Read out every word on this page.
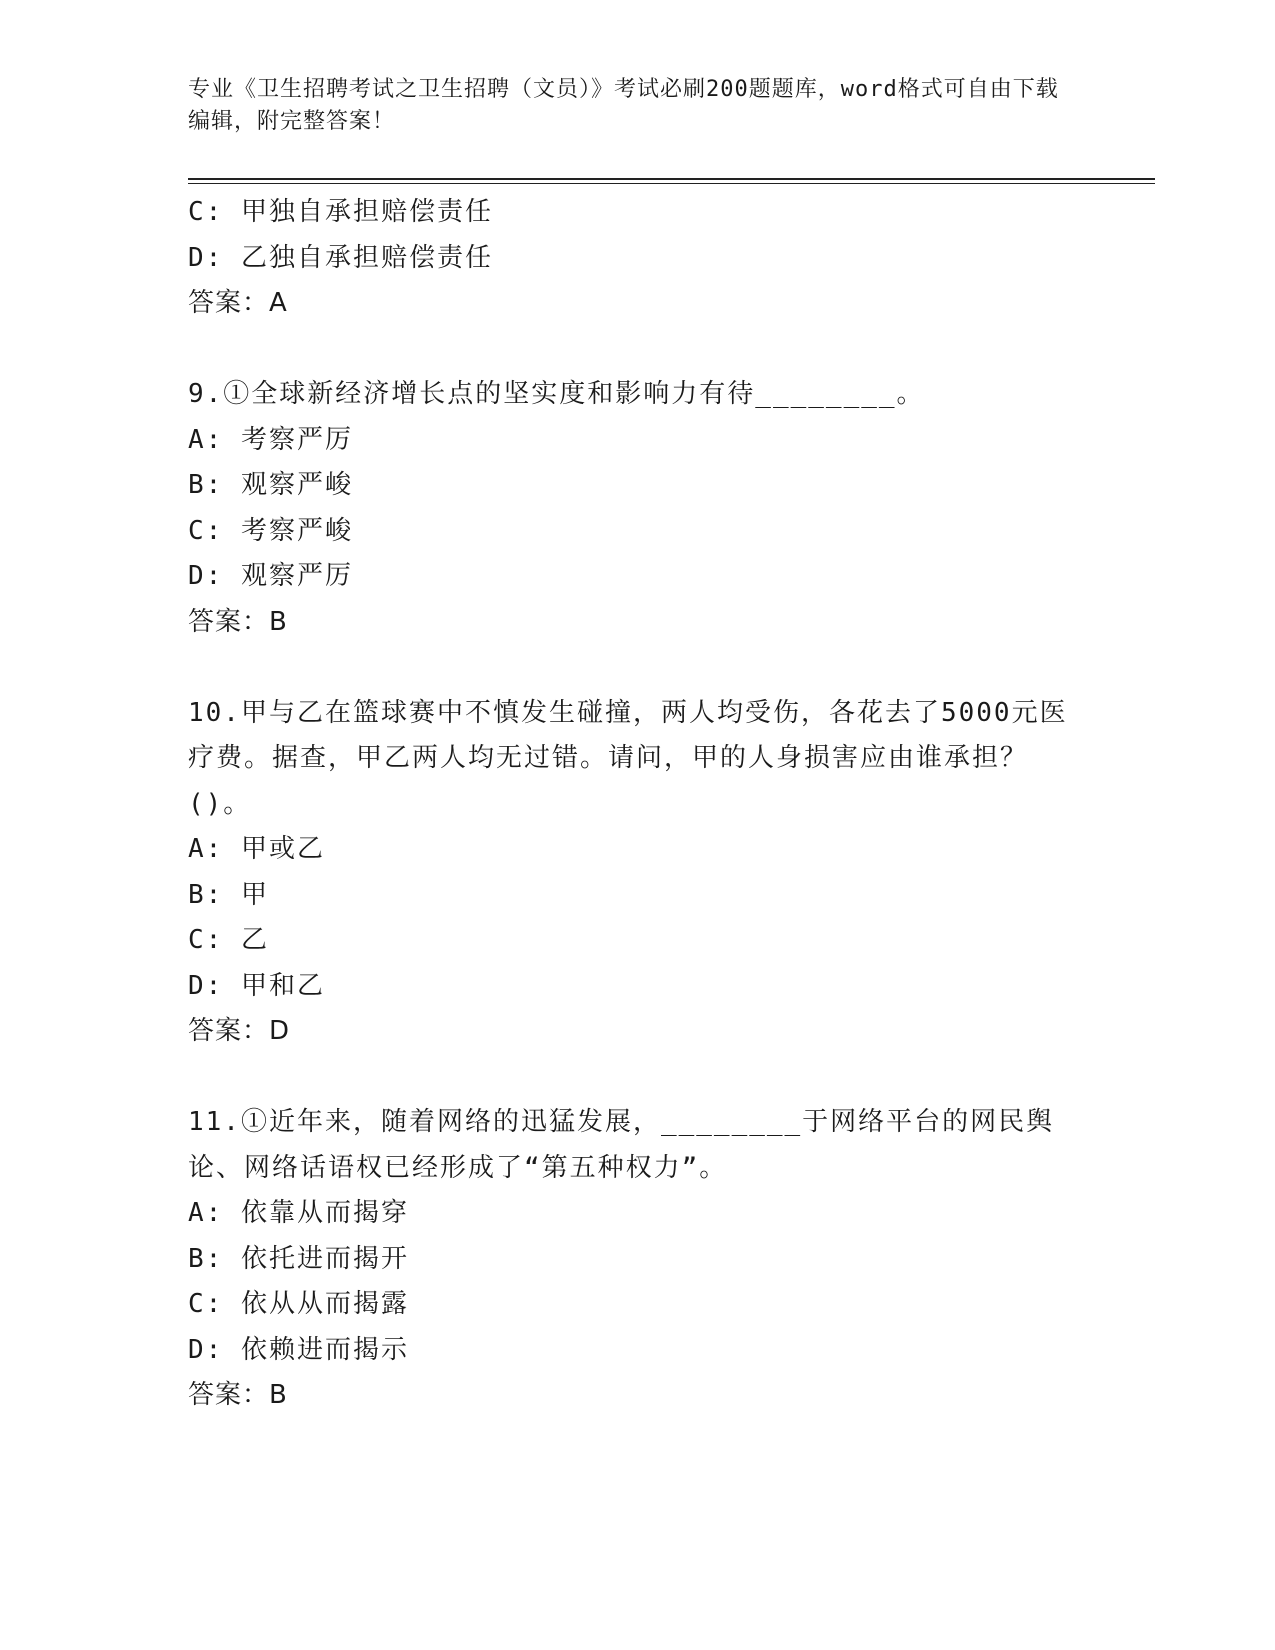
专业《卫生招聘考试之卫生招聘（文员）》考试必刷200题题库，word格式可自由下载编辑，附完整答案！
C: 甲独自承担赔偿责任
D: 乙独自承担赔偿责任
答案：A
9.①全球新经济增长点的坚实度和影响力有待________。
A: 考察严厉
B: 观察严峻
C: 考察严峻
D: 观察严厉
答案：B
10.甲与乙在篮球赛中不慎发生碰撞，两人均受伤，各花去了5000元医疗费。据查，甲乙两人均无过错。请问，甲的人身损害应由谁承担？()。
A: 甲或乙
B: 甲
C: 乙
D: 甲和乙
答案：D
11.①近年来，随着网络的迅猛发展，________于网络平台的网民舆论、网络话语权已经形成了“第五种权力”。
A: 依靠从而揭穿
B: 依托进而揭开
C: 依从从而揭露
D: 依赖进而揭示
答案：B
